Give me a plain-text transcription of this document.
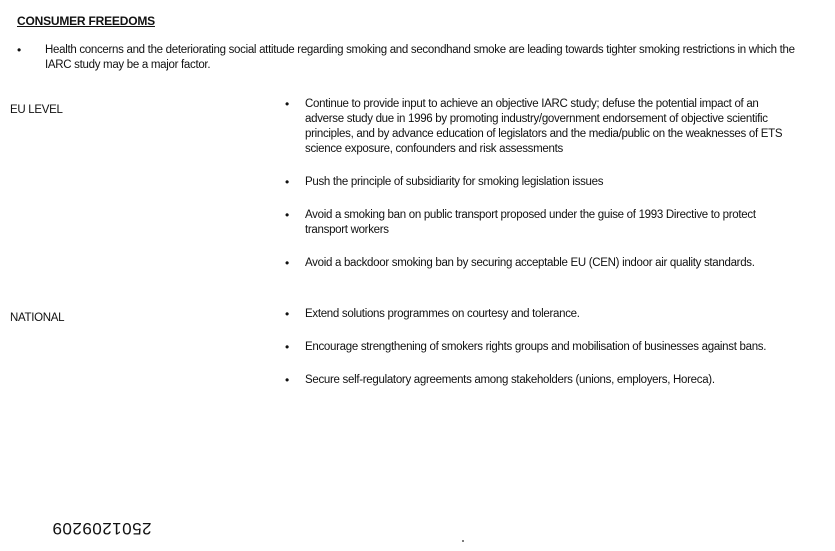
CONSUMER FREEDOMS
•	Health concerns and the deteriorating social attitude regarding smoking and secondhand smoke are leading towards tighter smoking restrictions in which the IARC study may be a major factor.
EU LEVEL	•	Continue to provide input to achieve an objective IARC study; defuse the potential impact of an adverse study due in 1996 by promoting industry/government endorsement of objective scientific principles, and by advance education of legislators and the media/public on the weaknesses of ETS science exposure, confounders and risk assessments
•	Push the principle of subsidiarity for smoking legislation issues
•	Avoid a smoking ban on public transport proposed under the guise of 1993 Directive to protect transport workers
•	Avoid a backdoor smoking ban by securing acceptable EU (CEN) indoor air quality standards.
NATIONAL	•	Extend solutions programmes on courtesy and tolerance.
•	Encourage strengthening of smokers rights groups and mobilisation of businesses against bans.
•	Secure self-regulatory agreements among stakeholders (unions, employers, Horeca).
2501209209
